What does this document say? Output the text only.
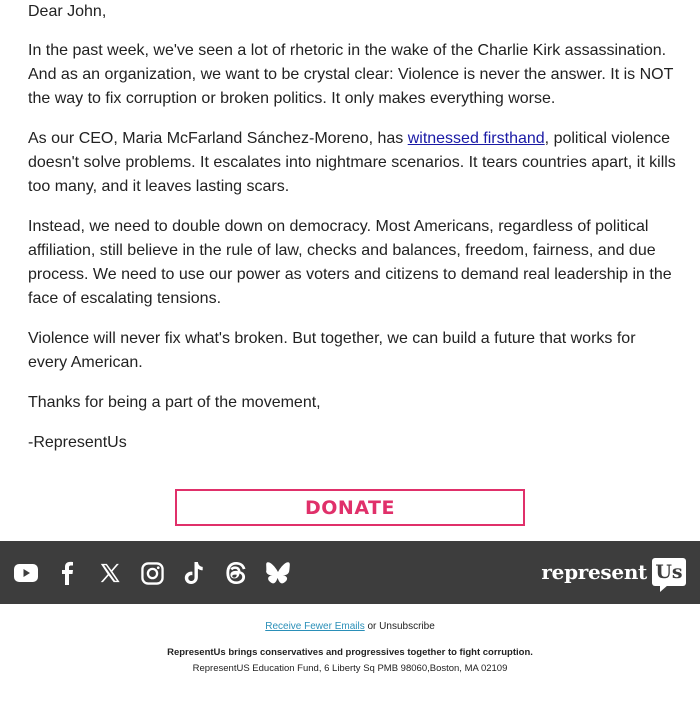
Dear John,

In the past week, we've seen a lot of rhetoric in the wake of the Charlie Kirk assassination. And as an organization, we want to be crystal clear: Violence is never the answer. It is NOT the way to fix corruption or broken politics. It only makes everything worse.

As our CEO, Maria McFarland Sánchez-Moreno, has witnessed firsthand, political violence doesn't solve problems. It escalates into nightmare scenarios. It tears countries apart, it kills too many, and it leaves lasting scars.

Instead, we need to double down on democracy. Most Americans, regardless of political affiliation, still believe in the rule of law, checks and balances, freedom, fairness, and due process. We need to use our power as voters and citizens to demand real leadership in the face of escalating tensions.

Violence will never fix what's broken. But together, we can build a future that works for every American.

Thanks for being a part of the movement,

-RepresentUs

DONATE
represent Us
Receive Fewer Emails or Unsubscribe
RepresentUs brings conservatives and progressives together to fight corruption.
RepresentUS Education Fund, 6 Liberty Sq PMB 98060,Boston, MA 02109
